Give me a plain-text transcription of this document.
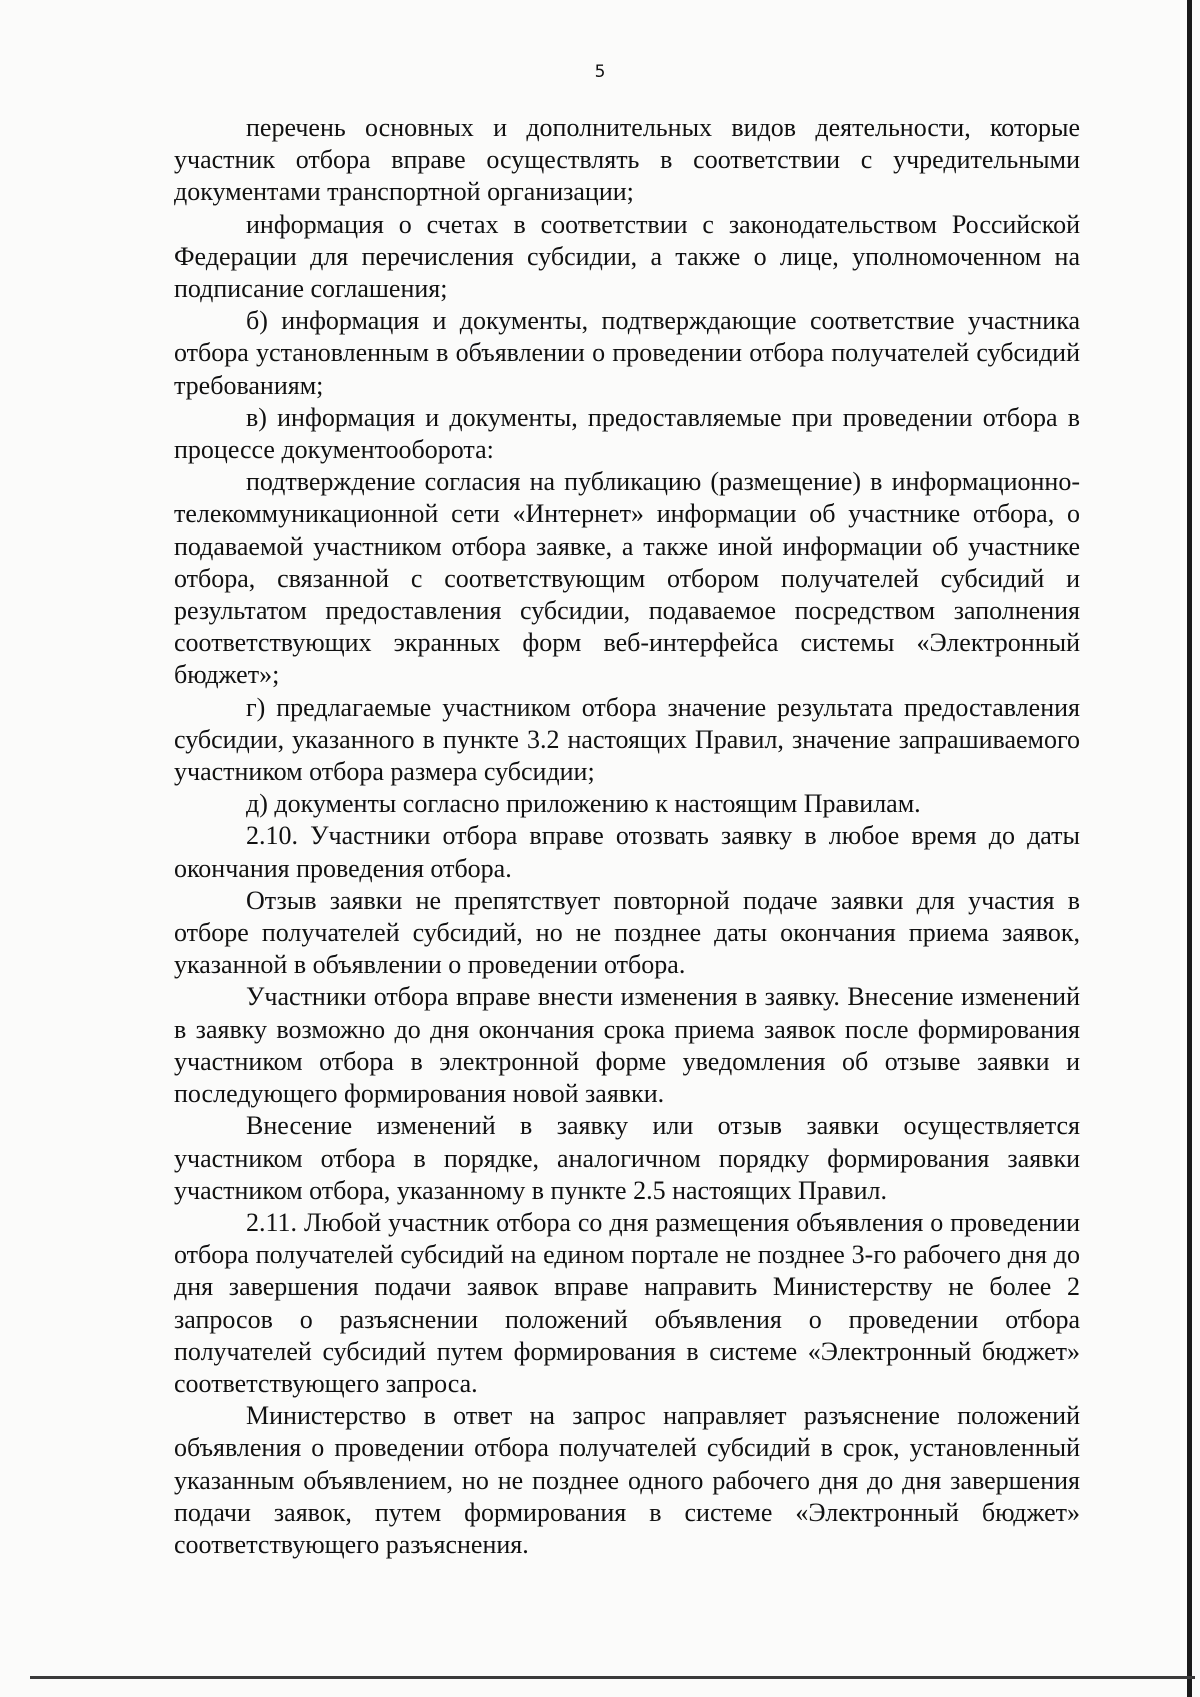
5

перечень основных и дополнительных видов деятельности, которые участник отбора вправе осуществлять в соответствии с учредительными документами транспортной организации;

информация о счетах в соответствии с законодательством Российской Федерации для перечисления субсидии, а также о лице, уполномоченном на подписание соглашения;

б) информация и документы, подтверждающие соответствие участника отбора установленным в объявлении о проведении отбора получателей субсидий требованиям;

в) информация и документы, предоставляемые при проведении отбора в процессе документооборота:

подтверждение согласия на публикацию (размещение) в информационно-телекоммуникационной сети «Интернет» информации об участнике отбора, о подаваемой участником отбора заявке, а также иной информации об участнике отбора, связанной с соответствующим отбором получателей субсидий и результатом предоставления субсидии, подаваемое посредством заполнения соответствующих экранных форм веб-интерфейса системы «Электронный бюджет»;

г) предлагаемые участником отбора значение результата предоставления субсидии, указанного в пункте 3.2 настоящих Правил, значение запрашиваемого участником отбора размера субсидии;

д) документы согласно приложению к настоящим Правилам.

2.10. Участники отбора вправе отозвать заявку в любое время до даты окончания проведения отбора.

Отзыв заявки не препятствует повторной подаче заявки для участия в отборе получателей субсидий, но не позднее даты окончания приема заявок, указанной в объявлении о проведении отбора.

Участники отбора вправе внести изменения в заявку. Внесение изменений в заявку возможно до дня окончания срока приема заявок после формирования участником отбора в электронной форме уведомления об отзыве заявки и последующего формирования новой заявки.

Внесение изменений в заявку или отзыв заявки осуществляется участником отбора в порядке, аналогичном порядку формирования заявки участником отбора, указанному в пункте 2.5 настоящих Правил.

2.11. Любой участник отбора со дня размещения объявления о проведении отбора получателей субсидий на едином портале не позднее 3-го рабочего дня до дня завершения подачи заявок вправе направить Министерству не более 2 запросов о разъяснении положений объявления о проведении отбора получателей субсидий путем формирования в системе «Электронный бюджет» соответствующего запроса.

Министерство в ответ на запрос направляет разъяснение положений объявления о проведении отбора получателей субсидий в срок, установленный указанным объявлением, но не позднее одного рабочего дня до дня завершения подачи заявок, путем формирования в системе «Электронный бюджет» соответствующего разъяснения.
